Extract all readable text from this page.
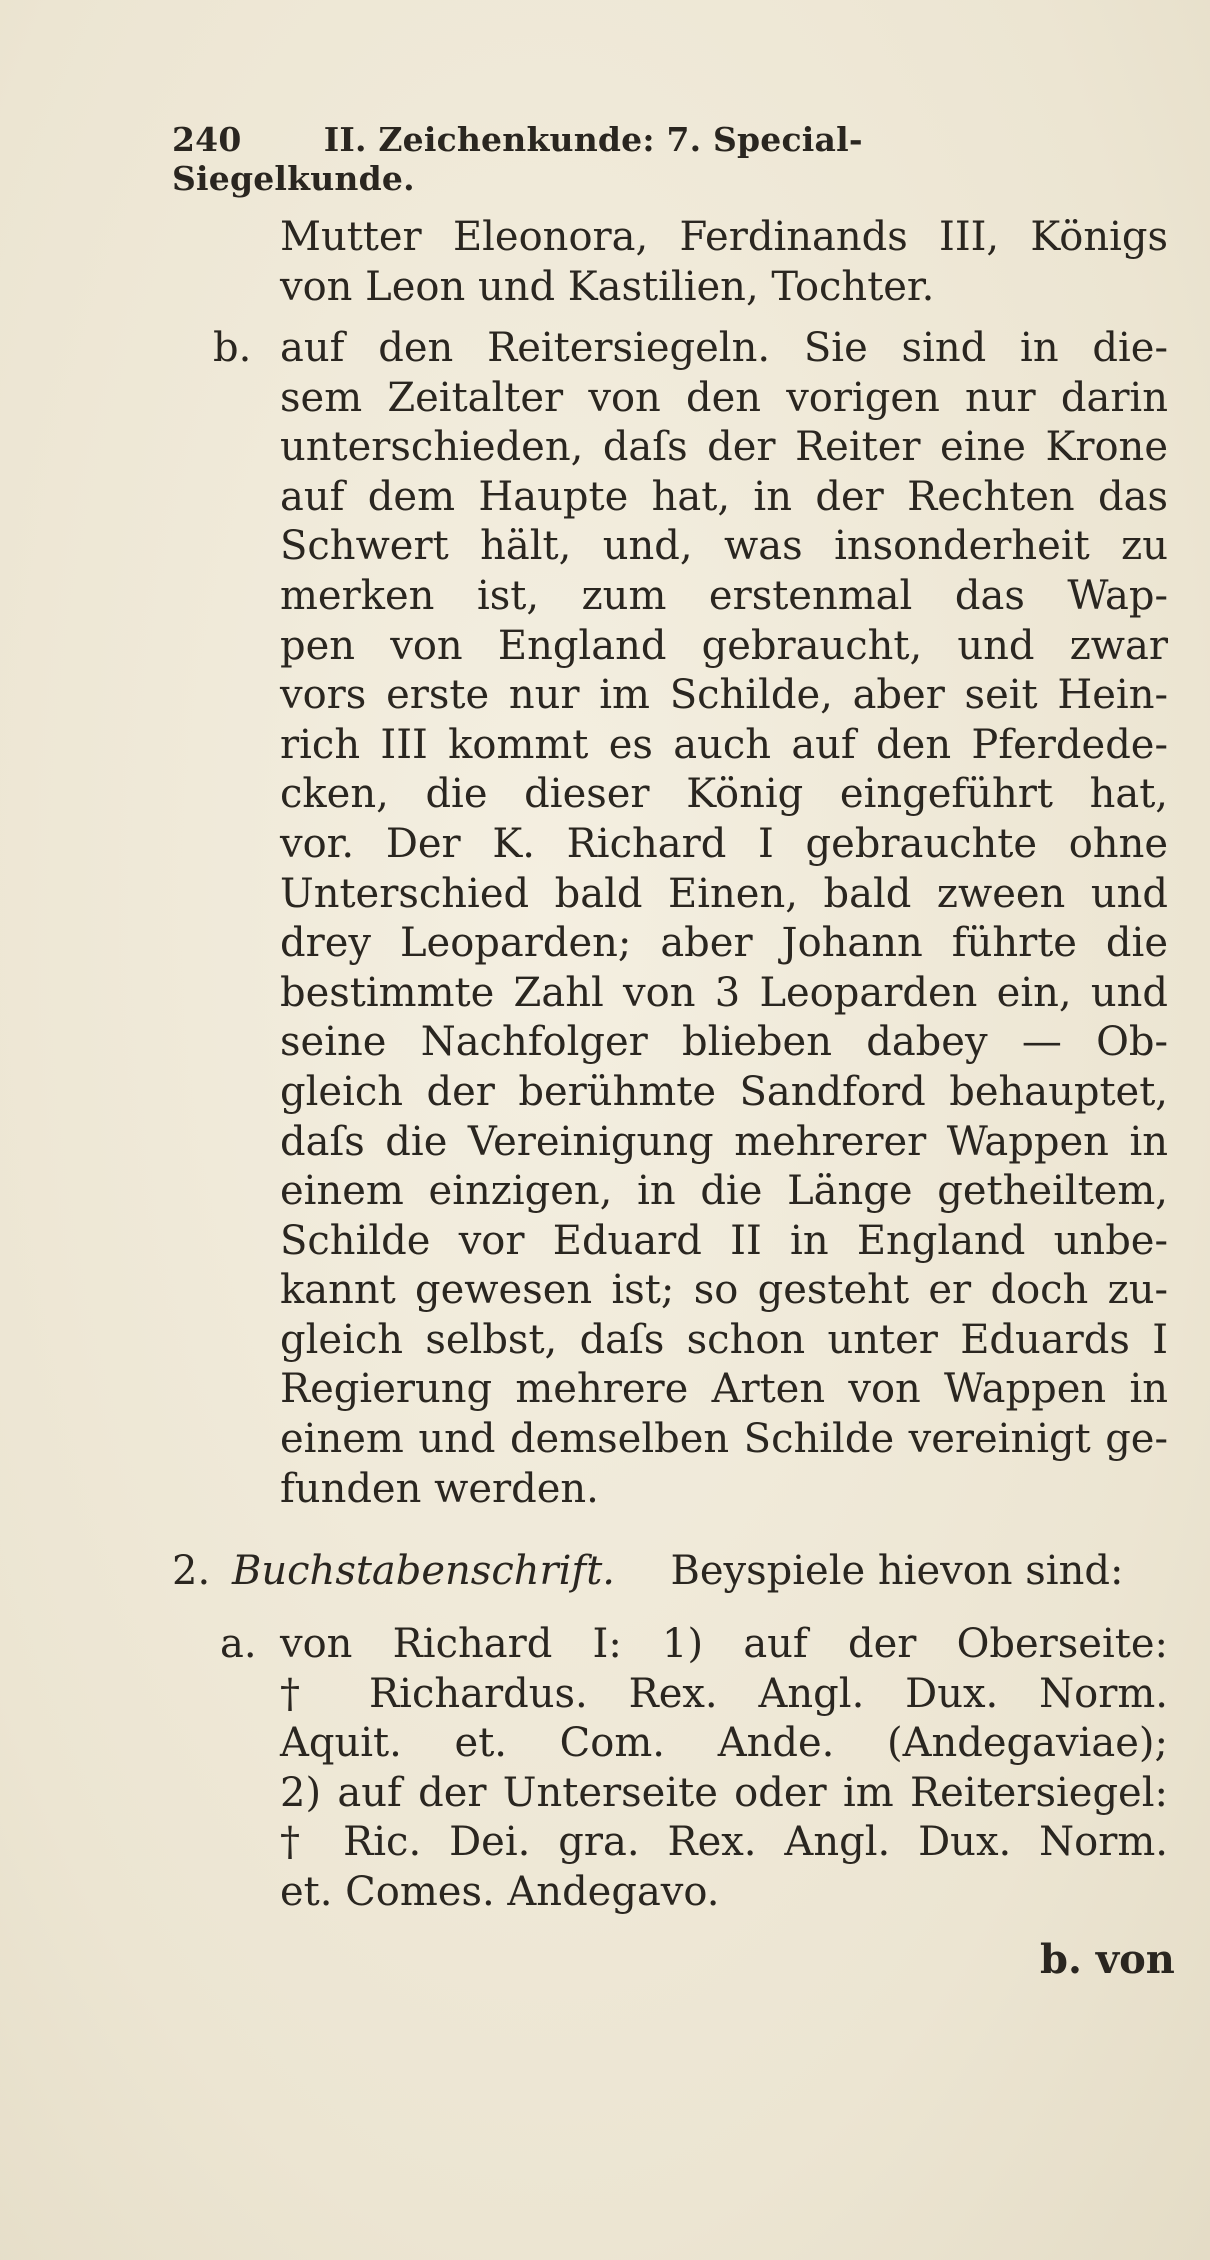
240 II. Zeichenkunde: 7. Special-Siegelkunde.
Mutter Eleonora, Ferdinands III, Königs
von Leon und Kastilien, Tochter.
b. auf den Reitersiegeln. Sie sind in die-
sem Zeitalter von den vorigen nur darin
unterschieden, daſs der Reiter eine Krone
auf dem Haupte hat, in der Rechten das
Schwert hält, und, was insonderheit zu
merken ist, zum erstenmal das Wap-
pen von England gebraucht, und zwar
vors erste nur im Schilde, aber seit Hein-
rich III kommt es auch auf den Pferdede-
cken, die dieser König eingeführt hat,
vor. Der K. Richard I gebrauchte ohne
Unterschied bald Einen, bald zween und
drey Leoparden; aber Johann führte die
bestimmte Zahl von 3 Leoparden ein, und
seine Nachfolger blieben dabey — Ob-
gleich der berühmte Sandford behauptet,
daſs die Vereinigung mehrerer Wappen in
einem einzigen, in die Länge getheiltem,
Schilde vor Eduard II in England unbe-
kannt gewesen ist; so gesteht er doch zu-
gleich selbst, daſs schon unter Eduards I
Regierung mehrere Arten von Wappen in
einem und demselben Schilde vereinigt ge-
funden werden.
2. Buchstabenschrift. Beyspiele hievon sind:
a. von Richard I: 1) auf der Oberseite:
† Richardus. Rex. Angl. Dux. Norm.
Aquit. et. Com. Ande. (Andegaviae);
2) auf der Unterseite oder im Reitersiegel:
† Ric. Dei. gra. Rex. Angl. Dux. Norm.
et. Comes. Andegavo.
b. von
